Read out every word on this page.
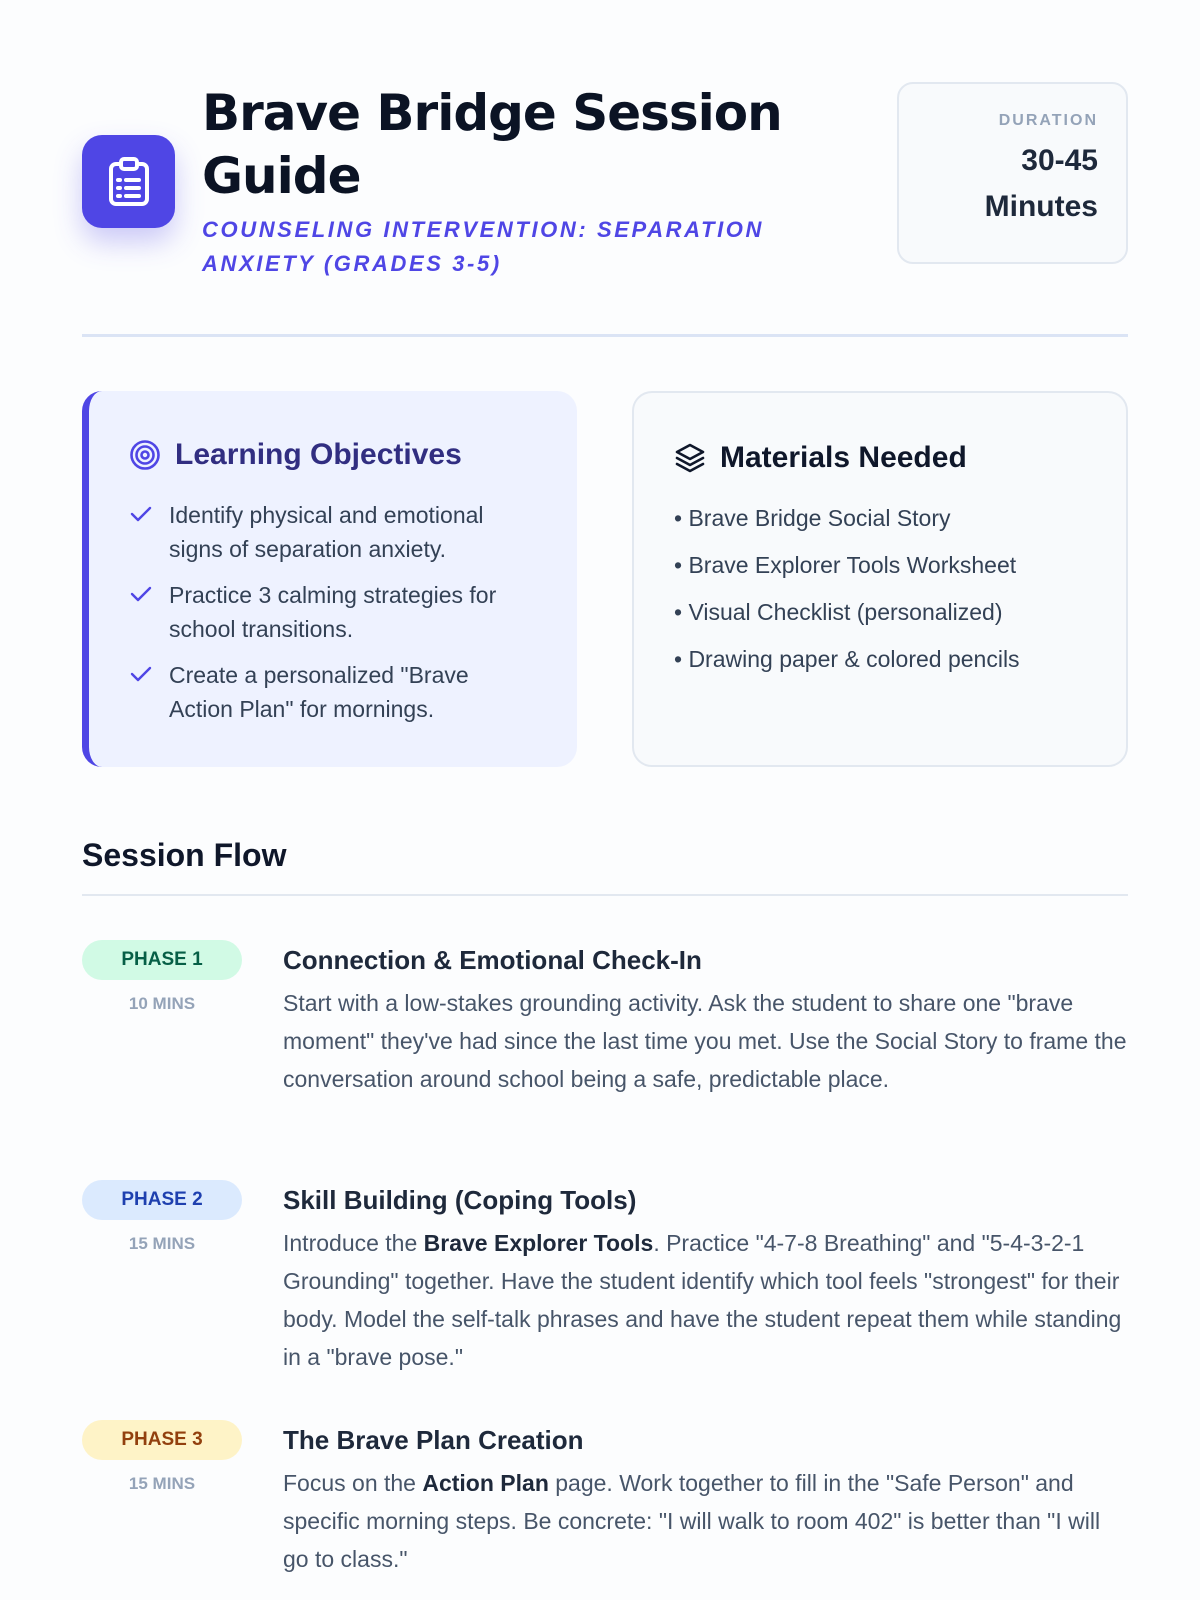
Brave Bridge Session Guide
COUNSELING INTERVENTION: SEPARATION ANXIETY (GRADES 3-5)
DURATION
30-45
Minutes
Learning Objectives
Identify physical and emotional signs of separation anxiety.
Practice 3 calming strategies for school transitions.
Create a personalized "Brave Action Plan" for mornings.
Materials Needed
• Brave Bridge Social Story
• Brave Explorer Tools Worksheet
• Visual Checklist (personalized)
• Drawing paper & colored pencils
Session Flow
PHASE 1
10 MINS
Connection & Emotional Check-In

Start with a low-stakes grounding activity. Ask the student to share one "brave moment" they've had since the last time you met. Use the Social Story to frame the conversation around school being a safe, predictable place.

PHASE 2
15 MINS
Skill Building (Coping Tools)

Introduce the Brave Explorer Tools. Practice "4-7-8 Breathing" and "5-4-3-2-1 Grounding" together. Have the student identify which tool feels "strongest" for their body. Model the self-talk phrases and have the student repeat them while standing in a "brave pose."

PHASE 3
15 MINS
The Brave Plan Creation

Focus on the Action Plan page. Work together to fill in the "Safe Person" and specific morning steps. Be concrete: "I will walk to room 402" is better than "I will go to class."
